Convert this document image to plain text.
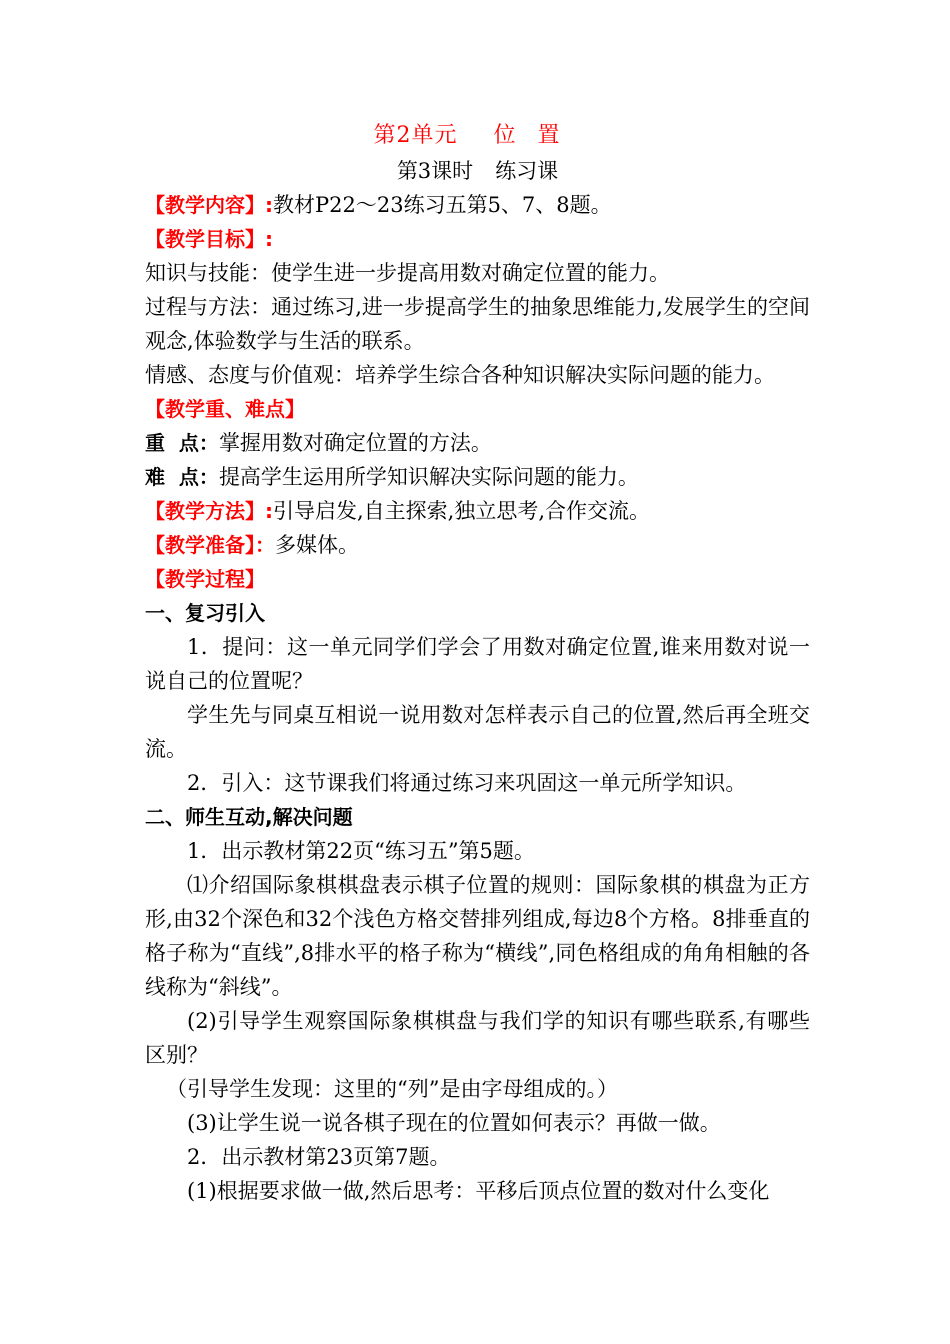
第2单元 位置
第3课时 练习课
【教学内容】:教材P22～23练习五第5、7、8题。
【教学目标】:
知识与技能：使学生进一步提高用数对确定位置的能力。
过程与方法：通过练习,进一步提高学生的抽象思维能力,发展学生的空间观念,体验数学与生活的联系。
情感、态度与价值观：培养学生综合各种知识解决实际问题的能力。
【教学重、难点】
重  点：掌握用数对确定位置的方法。
难  点：提高学生运用所学知识解决实际问题的能力。
【教学方法】:引导启发,自主探索,独立思考,合作交流。
【教学准备】：多媒体。
【教学过程】
一、复习引入
1．提问：这一单元同学们学会了用数对确定位置,谁来用数对说一说自己的位置呢？
学生先与同桌互相说一说用数对怎样表示自己的位置,然后再全班交流。
2．引入：这节课我们将通过练习来巩固这一单元所学知识。
二、师生互动,解决问题
1．出示教材第22页“练习五”第5题。
⑴介绍国际象棋棋盘表示棋子位置的规则：国际象棋的棋盘为正方形,由32个深色和32个浅色方格交替排列组成,每边8个方格。8排垂直的格子称为“直线”,8排水平的格子称为“横线”,同色格组成的角角相触的各线称为“斜线”。
(2)引导学生观察国际象棋棋盘与我们学的知识有哪些联系,有哪些区别？
（引导学生发现：这里的“列”是由字母组成的。）
(3)让学生说一说各棋子现在的位置如何表示？再做一做。
2．出示教材第23页第7题。
(1)根据要求做一做,然后思考：平移后顶点位置的数对什么变化
